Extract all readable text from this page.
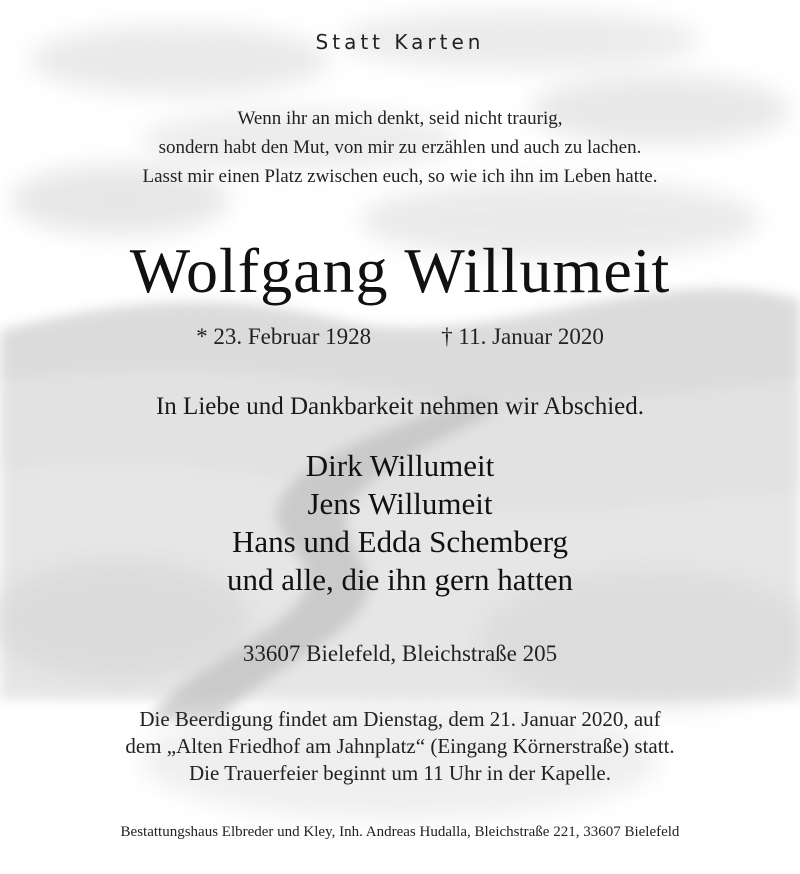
Statt Karten
Wenn ihr an mich denkt, seid nicht traurig,
sondern habt den Mut, von mir zu erzählen und auch zu lachen.
Lasst mir einen Platz zwischen euch, so wie ich ihn im Leben hatte.
Wolfgang Willumeit
* 23. Februar 1928	† 11. Januar 2020
In Liebe und Dankbarkeit nehmen wir Abschied.
Dirk Willumeit
Jens Willumeit
Hans und Edda Schemberg
und alle, die ihn gern hatten
33607 Bielefeld, Bleichstraße 205
Die Beerdigung findet am Dienstag, dem 21. Januar 2020, auf
dem „Alten Friedhof am Jahnplatz“ (Eingang Körnerstraße) statt.
Die Trauerfeier beginnt um 11 Uhr in der Kapelle.
Bestattungshaus Elbreder und Kley, Inh. Andreas Hudalla, Bleichstraße 221, 33607 Bielefeld
